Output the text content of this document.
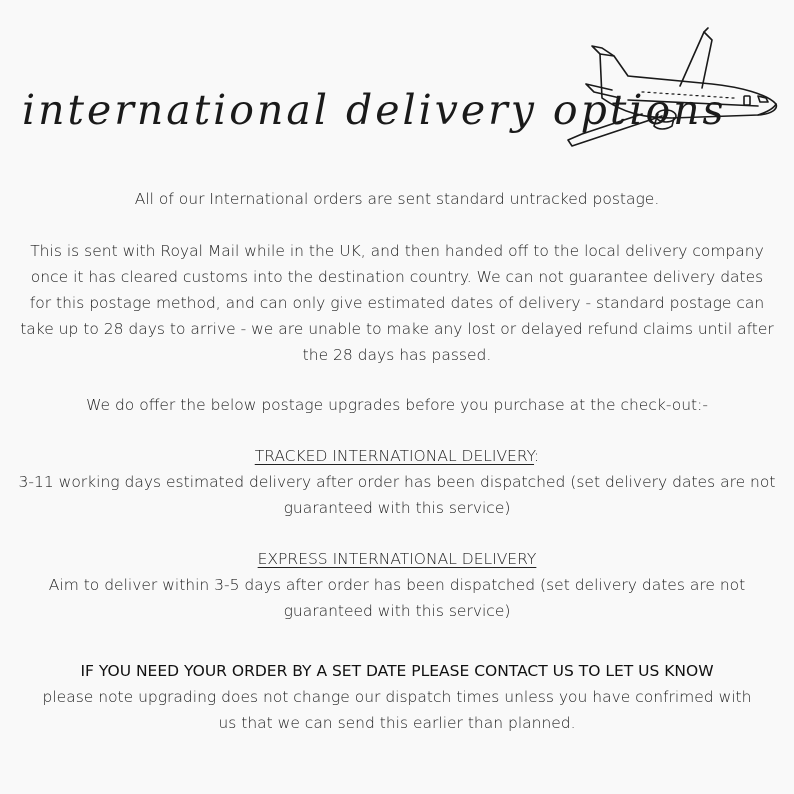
international delivery options

All of our International orders are sent standard untracked postage.

This is sent with Royal Mail while in the UK, and then handed off to the local delivery company once it has cleared customs into the destination country. We can not guarantee delivery dates for this postage method, and can only give estimated dates of delivery - standard postage can take up to 28 days to arrive - we are unable to make any lost or delayed refund claims until after the 28 days has passed.

We do offer the below postage upgrades before you purchase at the check-out:-

TRACKED INTERNATIONAL DELIVERY:

3-11 working days estimated delivery after order has been dispatched (set delivery dates are not guaranteed with this service)

EXPRESS INTERNATIONAL DELIVERY

Aim to deliver within 3-5 days after order has been dispatched (set delivery dates are not guaranteed with this service)

IF YOU NEED YOUR ORDER BY A SET DATE PLEASE CONTACT US TO LET US KNOW

please note upgrading does not change our dispatch times unless you have confrimed with us that we can send this earlier than planned.
